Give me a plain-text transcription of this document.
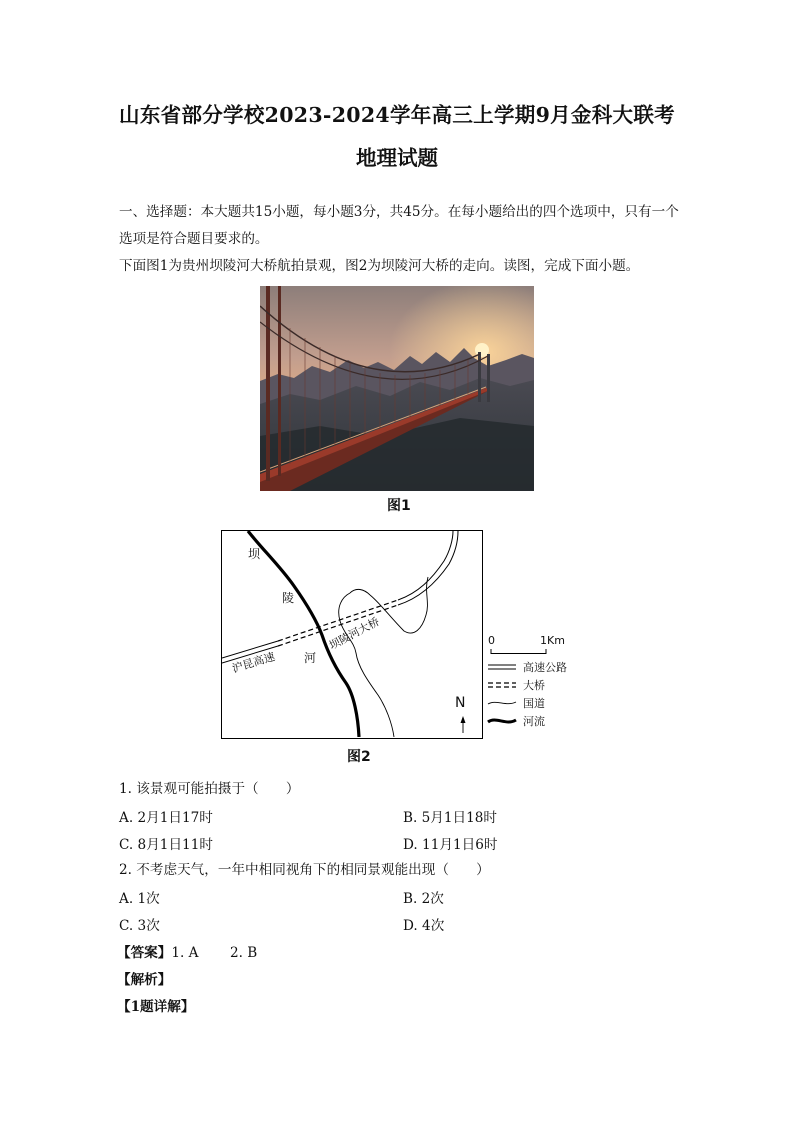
山东省部分学校2023-2024学年高三上学期9月金科大联考
地理试题
一、选择题：本大题共15小题，每小题3分，共45分。在每小题给出的四个选项中，只有一个选项是符合题目要求的。
下面图1为贵州坝陵河大桥航拍景观，图2为坝陵河大桥的走向。读图，完成下面小题。
图1
坝
陵
河
沪昆高速
坝陵河大桥
N
0	1Km
高速公路
大桥
国道
河流
图2
1. 该景观可能拍摄于（　　）
A. 2月1日17时	B. 5月1日18时
C. 8月1日11时	D. 11月1日6时
2. 不考虑天气，一年中相同视角下的相同景观能出现（　　）
A. 1次	B. 2次
C. 3次	D. 4次
【答案】1. A　　 2. B
【解析】
【1题详解】
